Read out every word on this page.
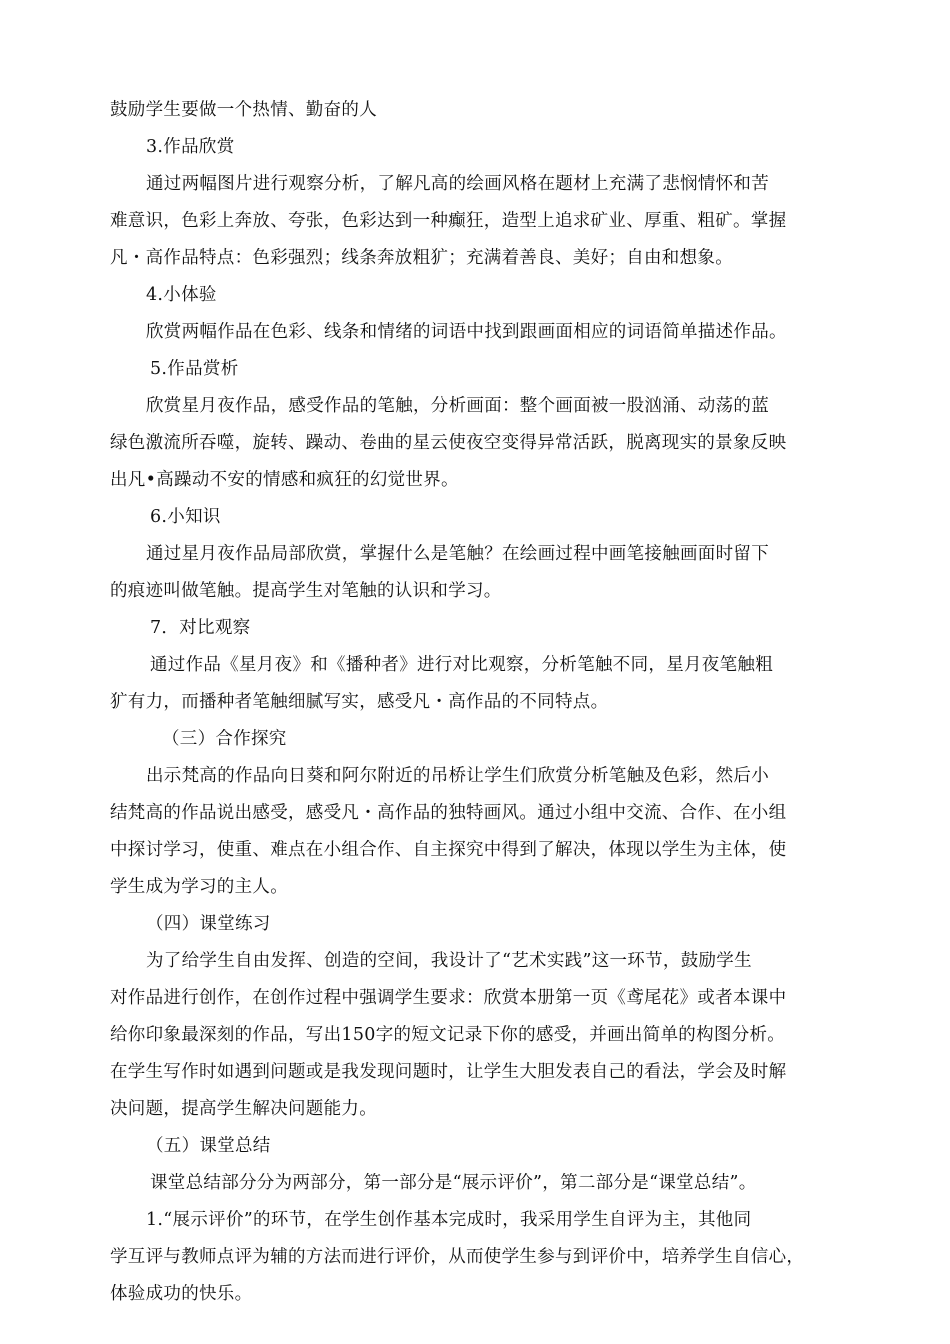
鼓励学生要做一个热情、勤奋的人
3.作品欣赏
通过两幅图片进行观察分析，了解凡高的绘画风格在题材上充满了悲悯情怀和苦
难意识，色彩上奔放、夸张，色彩达到一种癫狂，造型上追求矿业、厚重、粗矿。掌握
凡・高作品特点：色彩强烈；线条奔放粗犷；充满着善良、美好；自由和想象。
4.小体验
欣赏两幅作品在色彩、线条和情绪的词语中找到跟画面相应的词语简单描述作品。
5.作品赏析
欣赏星月夜作品，感受作品的笔触，分析画面：整个画面被一股汹涌、动荡的蓝
绿色激流所吞噬，旋转、躁动、卷曲的星云使夜空变得异常活跃，脱离现实的景象反映
出凡•高躁动不安的情感和疯狂的幻觉世界。
6.小知识
通过星月夜作品局部欣赏，掌握什么是笔触？在绘画过程中画笔接触画面时留下
的痕迹叫做笔触。提高学生对笔触的认识和学习。
7．对比观察
通过作品《星月夜》和《播种者》进行对比观察，分析笔触不同，星月夜笔触粗
犷有力，而播种者笔触细腻写实，感受凡・高作品的不同特点。
（三）合作探究
出示梵高的作品向日葵和阿尔附近的吊桥让学生们欣赏分析笔触及色彩，然后小
结梵高的作品说出感受，感受凡・高作品的独特画风。通过小组中交流、合作、在小组
中探讨学习，使重、难点在小组合作、自主探究中得到了解决，体现以学生为主体，使
学生成为学习的主人。
（四）课堂练习
为了给学生自由发挥、创造的空间，我设计了“艺术实践”这一环节，鼓励学生
对作品进行创作，在创作过程中强调学生要求：欣赏本册第一页《鸢尾花》或者本课中
给你印象最深刻的作品，写出150字的短文记录下你的感受，并画出简单的构图分析。
在学生写作时如遇到问题或是我发现问题时，让学生大胆发表自己的看法，学会及时解
决问题，提高学生解决问题能力。
（五）课堂总结
课堂总结部分分为两部分，第一部分是“展示评价”，第二部分是“课堂总结”。
1.“展示评价”的环节，在学生创作基本完成时，我采用学生自评为主，其他同
学互评与教师点评为辅的方法而进行评价，从而使学生参与到评价中，培养学生自信心，
体验成功的快乐。
